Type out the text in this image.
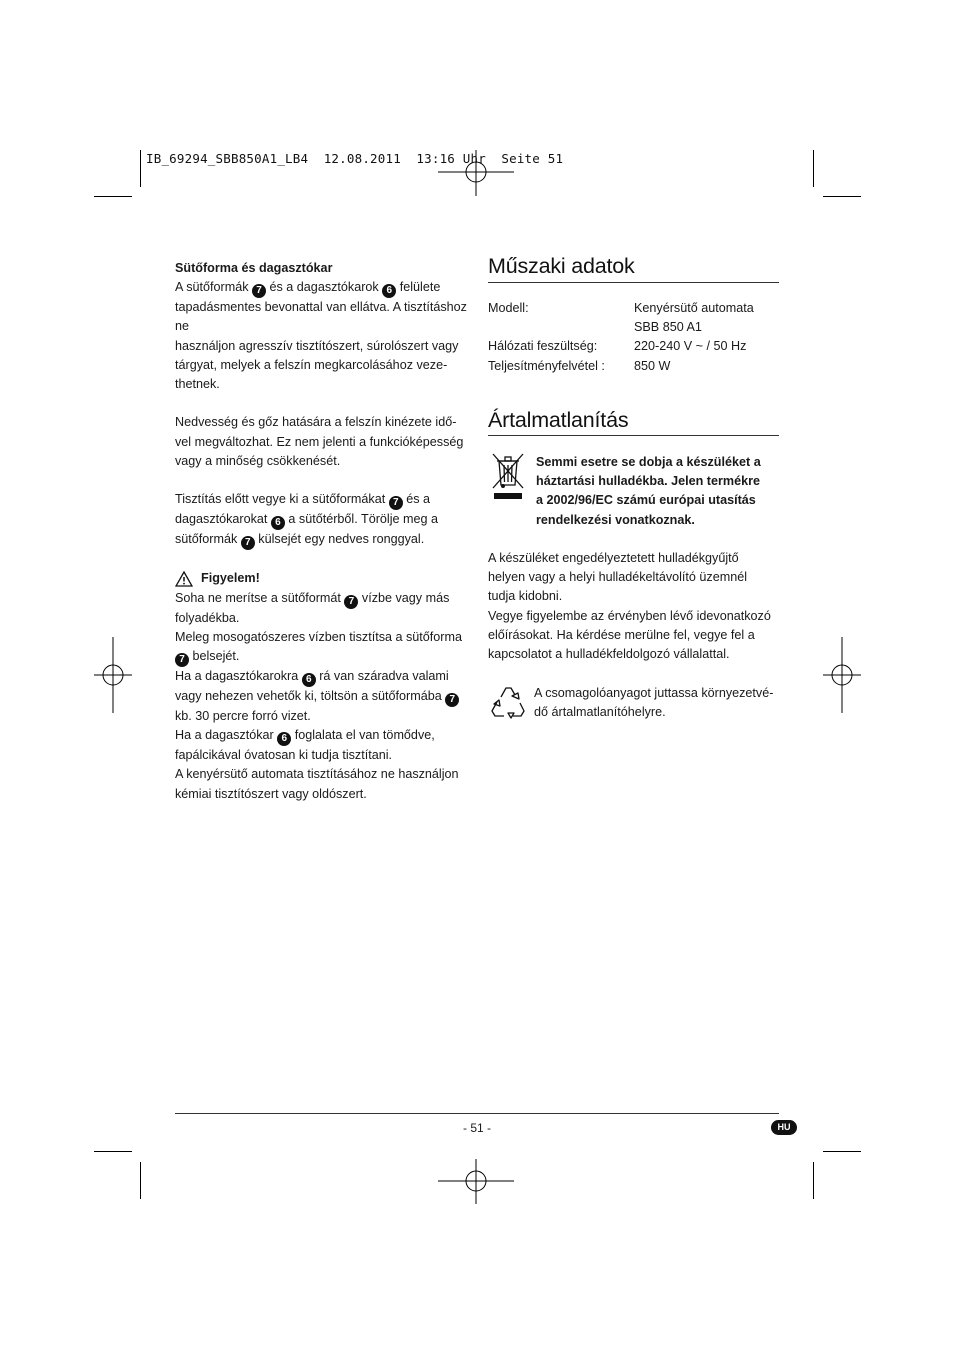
IB_69294_SBB850A1_LB4  12.08.2011  13:16 Uhr  Seite 51

Sütőforma és dagasztókar

A sütőformák 7 és a dagasztókarok 6 felülete

tapadásmentes bevonattal van ellátva. A tisztításhoz ne

használjon agresszív tisztítószert, súrolószert vagy

tárgyat, melyek a felszín megkarcolásához veze-

thetnek.

Nedvesség és gőz hatására a felszín kinézete idő-

vel megváltozhat. Ez nem jelenti a funkcióképesség

vagy a minőség csökkenését.

Tisztítás előtt vegye ki a sütőformákat 7 és a

dagasztókarokat 6 a sütőtérből. Törölje meg a

sütőformák 7 külsejét egy nedves ronggyal.

Figyelem!

Soha ne merítse a sütőformát 7 vízbe vagy más

folyadékba.

Meleg mosogatószeres vízben tisztítsa a sütőforma

7 belsejét.

Ha a dagasztókarokra 6 rá van száradva valami

vagy nehezen vehetők ki, töltsön a sütőformába 7

kb. 30 percre forró vizet.

Ha a dagasztókar 6 foglalata el van tömődve,

fapálcikával óvatosan ki tudja tisztítani.

A kenyérsütő automata tisztításához ne használjon

kémiai tisztítószert vagy oldószert.

Műszaki adatok
Modell:	Kenyérsütő automata
SBB 850 A1
Hálózati feszültség:	220-240 V ~ / 50 Hz
Teljesítményfelvétel :	850 W
Ártalmatlanítás
Semmi esetre se dobja a készüléket a
háztartási hulladékba. Jelen termékre
a 2002/96/EC számú európai utasítás
rendelkezési vonatkoznak.
A készüléket engedélyeztetett hulladékgyűjtő
helyen vagy a helyi hulladékeltávolító üzemnél
tudja kidobni.
Vegye figyelembe az érvényben lévő idevonatkozó
előírásokat. Ha kérdése merülne fel, vegye fel a
kapcsolatot a hulladékfeldolgozó vállalattal.
A csomagolóanyagot juttassa környezetvé-
dő ártalmatlanítóhelyre.
- 51 -	HU
